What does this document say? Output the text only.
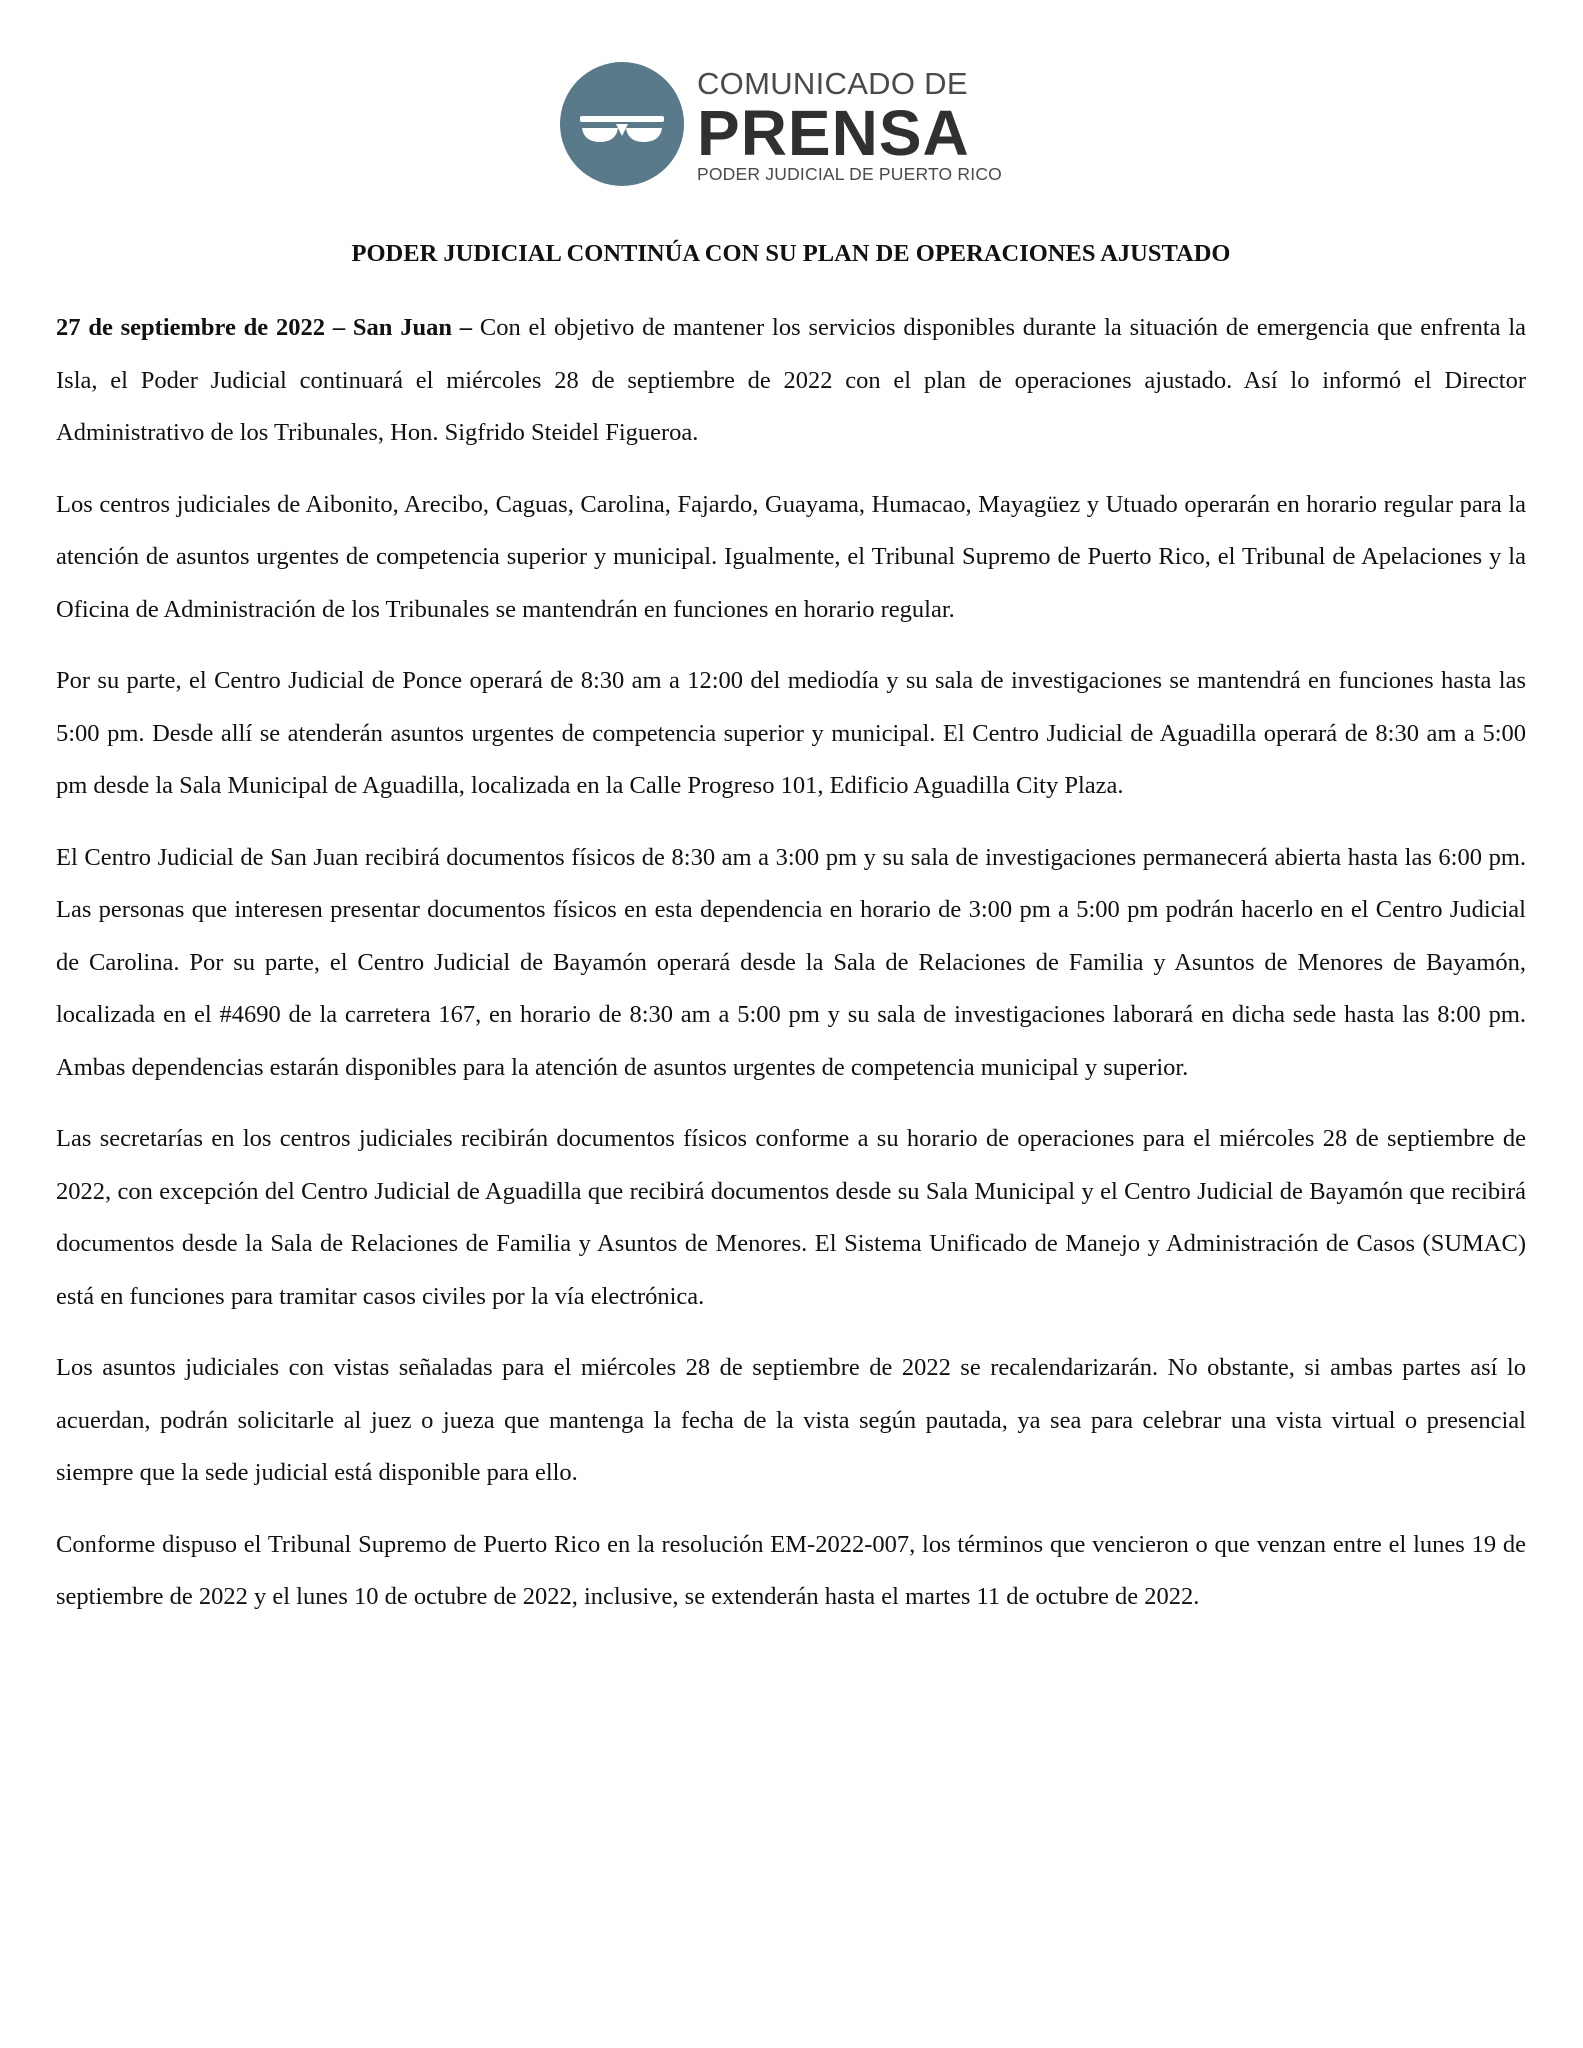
COMUNICADO DE
PRENSA
PODER JUDICIAL DE PUERTO RICO
PODER JUDICIAL CONTINÚA CON SU PLAN DE OPERACIONES AJUSTADO

27 de septiembre de 2022 – San Juan – Con el objetivo de mantener los servicios disponibles durante la situación de emergencia que enfrenta la Isla, el Poder Judicial continuará el miércoles 28 de septiembre de 2022 con el plan de operaciones ajustado. Así lo informó el Director Administrativo de los Tribunales, Hon. Sigfrido Steidel Figueroa.

Los centros judiciales de Aibonito, Arecibo, Caguas, Carolina, Fajardo, Guayama, Humacao, Mayagüez y Utuado operarán en horario regular para la atención de asuntos urgentes de competencia superior y municipal. Igualmente, el Tribunal Supremo de Puerto Rico, el Tribunal de Apelaciones y la Oficina de Administración de los Tribunales se mantendrán en funciones en horario regular.

Por su parte, el Centro Judicial de Ponce operará de 8:30 am a 12:00 del mediodía y su sala de investigaciones se mantendrá en funciones hasta las 5:00 pm. Desde allí se atenderán asuntos urgentes de competencia superior y municipal. El Centro Judicial de Aguadilla operará de 8:30 am a 5:00 pm desde la Sala Municipal de Aguadilla, localizada en la Calle Progreso 101, Edificio Aguadilla City Plaza.

El Centro Judicial de San Juan recibirá documentos físicos de 8:30 am a 3:00 pm y su sala de investigaciones permanecerá abierta hasta las 6:00 pm. Las personas que interesen presentar documentos físicos en esta dependencia en horario de 3:00 pm a 5:00 pm podrán hacerlo en el Centro Judicial de Carolina. Por su parte, el Centro Judicial de Bayamón operará desde la Sala de Relaciones de Familia y Asuntos de Menores de Bayamón, localizada en el #4690 de la carretera 167, en horario de 8:30 am a 5:00 pm y su sala de investigaciones laborará en dicha sede hasta las 8:00 pm. Ambas dependencias estarán disponibles para la atención de asuntos urgentes de competencia municipal y superior.

Las secretarías en los centros judiciales recibirán documentos físicos conforme a su horario de operaciones para el miércoles 28 de septiembre de 2022, con excepción del Centro Judicial de Aguadilla que recibirá documentos desde su Sala Municipal y el Centro Judicial de Bayamón que recibirá documentos desde la Sala de Relaciones de Familia y Asuntos de Menores. El Sistema Unificado de Manejo y Administración de Casos (SUMAC) está en funciones para tramitar casos civiles por la vía electrónica.

Los asuntos judiciales con vistas señaladas para el miércoles 28 de septiembre de 2022 se recalendarizarán. No obstante, si ambas partes así lo acuerdan, podrán solicitarle al juez o jueza que mantenga la fecha de la vista según pautada, ya sea para celebrar una vista virtual o presencial siempre que la sede judicial está disponible para ello.

Conforme dispuso el Tribunal Supremo de Puerto Rico en la resolución EM-2022-007, los términos que vencieron o que venzan entre el lunes 19 de septiembre de 2022 y el lunes 10 de octubre de 2022, inclusive, se extenderán hasta el martes 11 de octubre de 2022.
